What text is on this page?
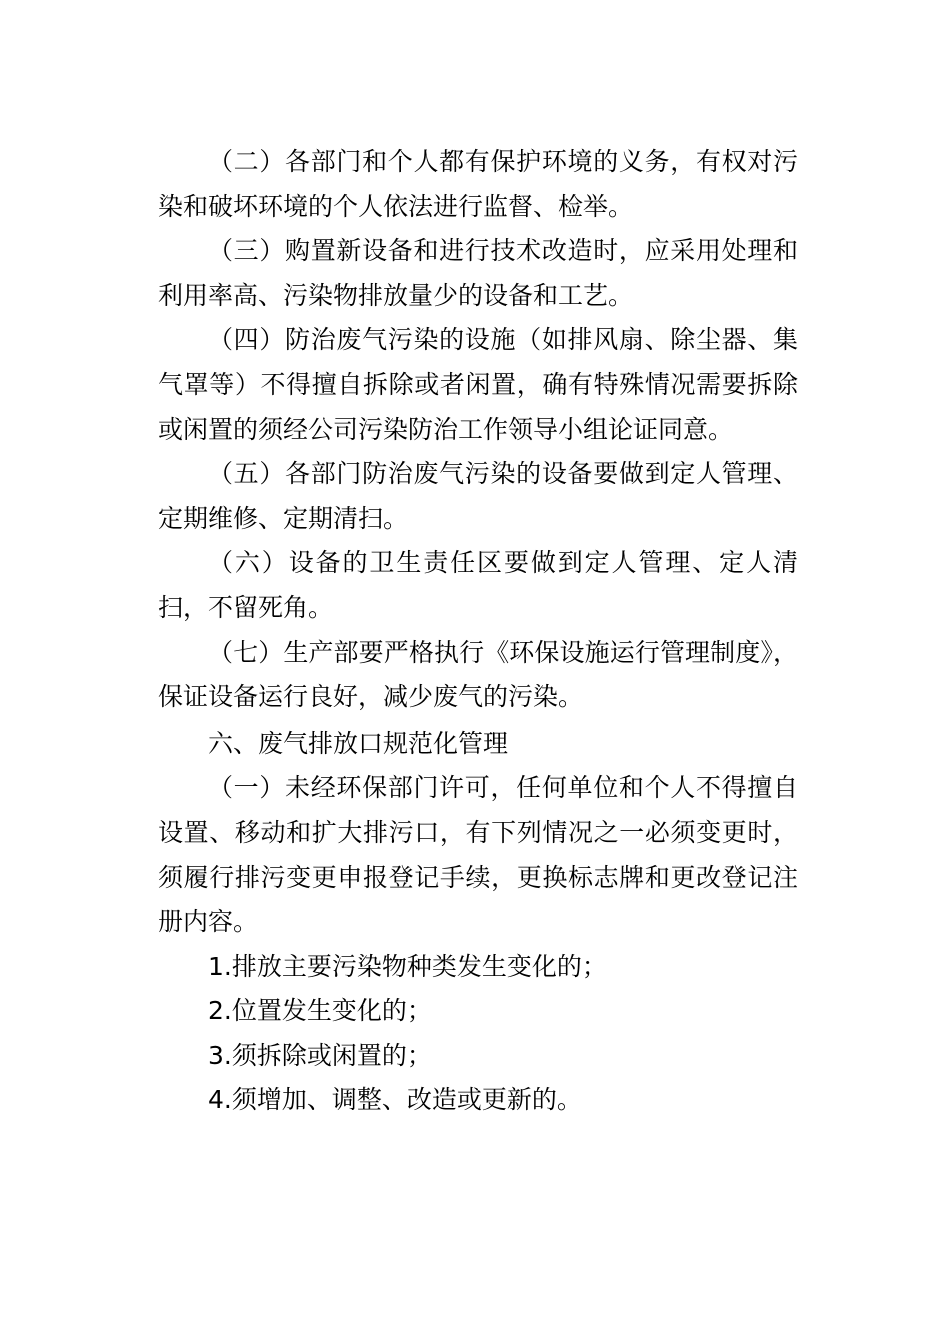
（二）各部门和个人都有保护环境的义务，有权对污染和破坏环境的个人依法进行监督、检举。

（三）购置新设备和进行技术改造时，应采用处理和利用率高、污染物排放量少的设备和工艺。

（四）防治废气污染的设施（如排风扇、除尘器、集气罩等）不得擅自拆除或者闲置，确有特殊情况需要拆除或闲置的须经公司污染防治工作领导小组论证同意。

（五）各部门防治废气污染的设备要做到定人管理、定期维修、定期清扫。

（六）设备的卫生责任区要做到定人管理、定人清扫，不留死角。

（七）生产部要严格执行《环保设施运行管理制度》，保证设备运行良好，减少废气的污染。

六、废气排放口规范化管理

（一）未经环保部门许可，任何单位和个人不得擅自设置、移动和扩大排污口，有下列情况之一必须变更时，须履行排污变更申报登记手续，更换标志牌和更改登记注册内容。

1.排放主要污染物种类发生变化的；

2.位置发生变化的；

3.须拆除或闲置的；

4.须增加、调整、改造或更新的。
